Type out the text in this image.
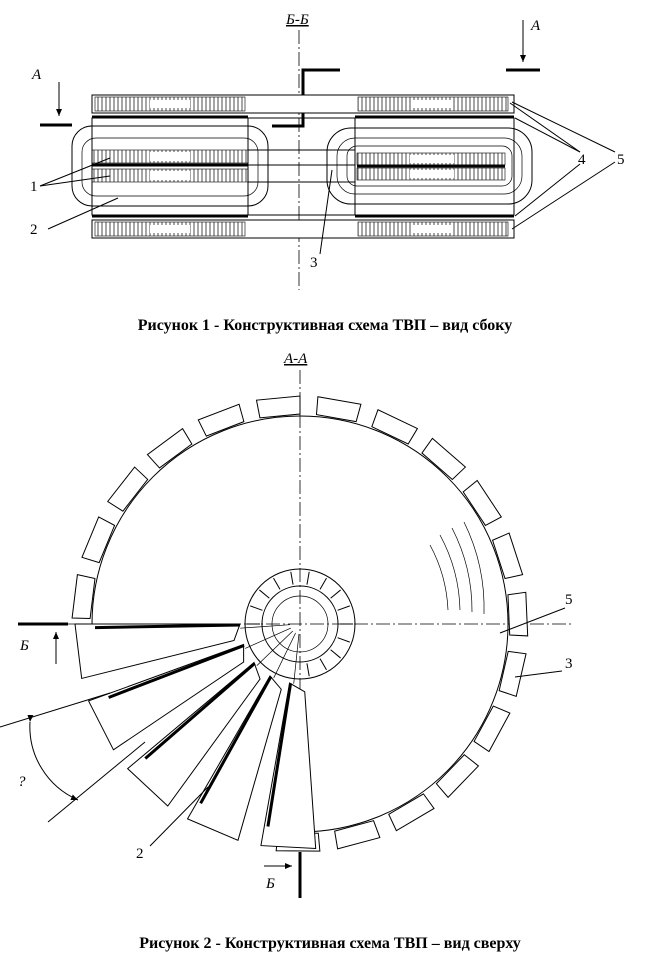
Б-Б
А
А
1
2
3
4 5
Рисунок 1 - Конструктивная схема ТВП – вид сбоку
А-А
Б
Б
?
2
3
5
Рисунок 2 - Конструктивная схема ТВП – вид сверху
